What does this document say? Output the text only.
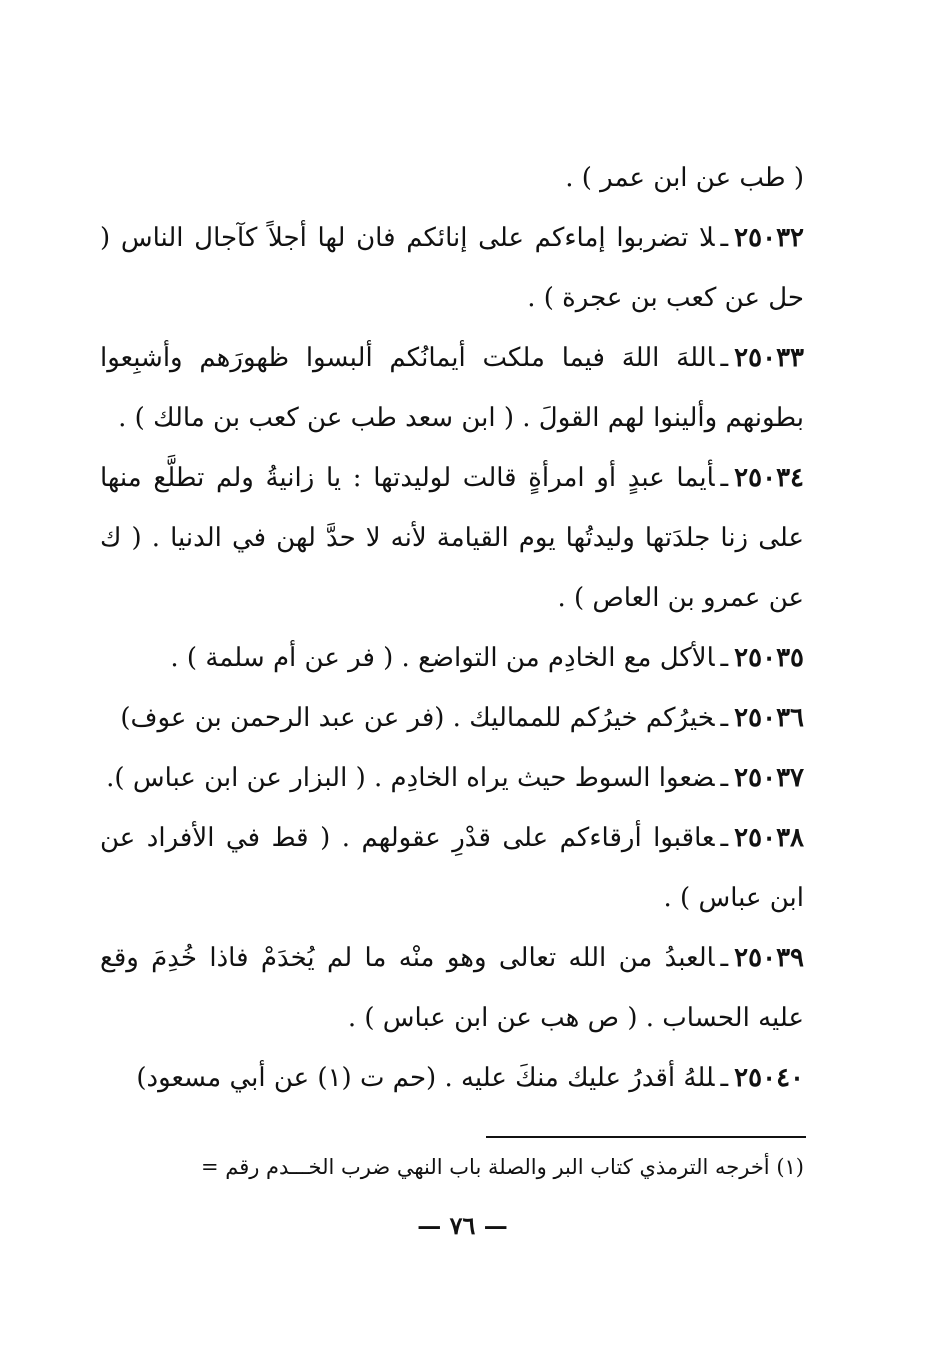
( طب عن ابن عمر ) .

٢٥٠٣٢ـلا تضربوا إماءكم على إنائكم فان لها أجلاً كآجال الناس ( حل عن كعب بن عجرة ) .

٢٥٠٣٣ـاللهَ اللهَ فيما ملكت أيمانُكم ألبسوا ظهورَهم وأشبِعوا بطونهم وألينوا لهم القولَ . ( ابن سعد طب عن كعب بن مالك ) .

٢٥٠٣٤ـأيما عبدٍ أو امرأةٍ قالت لوليدتها : يا زانيةُ ولم تطلَّع منها على زنا جلدَتها وليدتُها يوم القيامة لأنه لا حدَّ لهن في الدنيا . ( ك عن عمرو بن العاص ) .

٢٥٠٣٥ـالأكل مع الخادِم من التواضع . ( فر عن أم سلمة ) .

٢٥٠٣٦ـخيرُكم خيرُكم للمماليك . (فر عن عبد الرحمن بن عوف)

٢٥٠٣٧ـضعوا السوط حيث يراه الخادِم . ( البزار عن ابن عباس ).

٢٥٠٣٨ـعاقبوا أرقاءكم على قدْرِ عقولهم . ( قط في الأفراد عن ابن عباس ) .

٢٥٠٣٩ـالعبدُ من الله تعالى وهو منْه ما لم يُخدَمْ فاذا خُدِمَ وقع عليه الحساب . ( ص هب عن ابن عباس ) .

٢٥٠٤٠ـللهُ أقدرُ عليك منكَ عليه . (حم ت (١) عن أبي مسعود)

(١) أخرجه الترمذي كتاب البر والصلة باب النهي ضرب الخـــدم رقم =
— ٧٦ —
